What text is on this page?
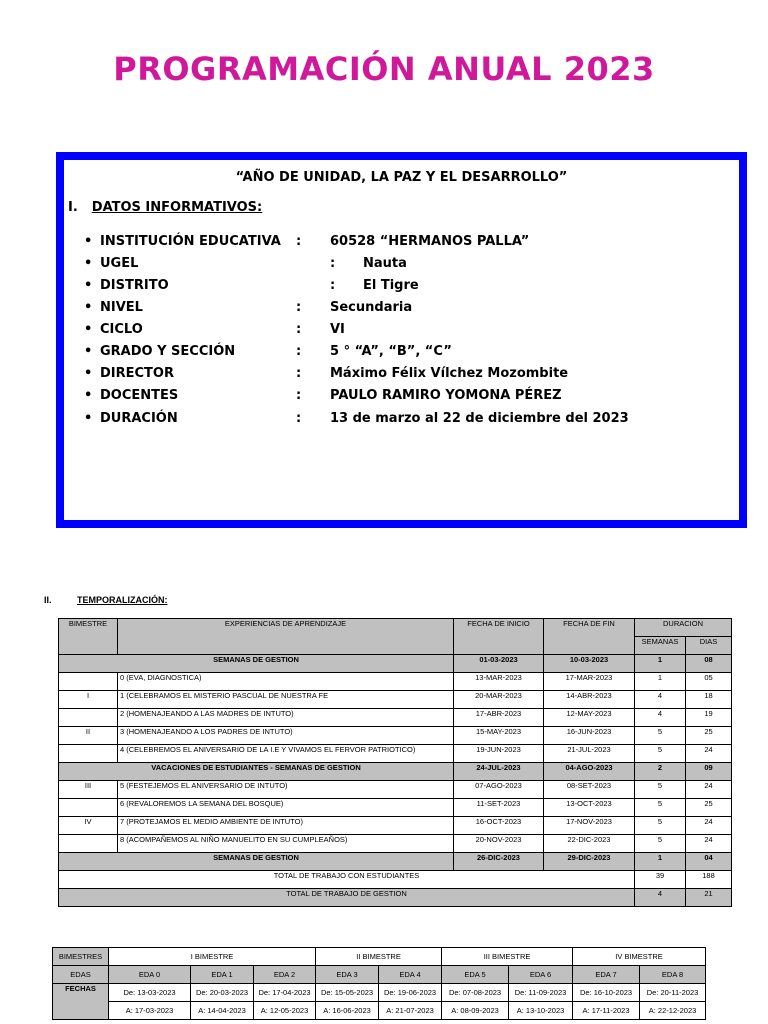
PROGRAMACIÓN ANUAL 2023
“AÑO DE UNIDAD, LA PAZ Y EL DESARROLLO”
I. DATOS INFORMATIVOS:
• INSTITUCIÓN EDUCATIVA : 60528 “HERMANOS PALLA”
• UGEL	: Nauta
• DISTRITO	: El Tigre
• NIVEL	: Secundaria
• CICLO	: VI
• GRADO Y SECCIÓN	: 5 ° “A”, “B”, “C”
• DIRECTOR	: Máximo Félix Vílchez Mozombite
• DOCENTES	: PAULO RAMIRO YOMONA PÉREZ
• DURACIÓN	: 13 de marzo al 22 de diciembre del 2023
II.	TEMPORALIZACIÓN:
BIMESTRE	EXPERIENCIAS DE APRENDIZAJE	FECHA DE INICIO	FECHA DE FIN	DURACION	
				SEMANAS	DIAS
SEMANAS DE GESTION		01-03-2023	10-03-2023	1	08
	0 (EVA, DIAGNOSTICA)	13-MAR-2023	17-MAR-2023	1	05
I	1 (CELEBRAMOS EL MISTERIO PASCUAL DE NUESTRA FE	20-MAR-2023	14-ABR-2023	4	18
	2 (HOMENAJEANDO A LAS MADRES DE INTUTO)	17-ABR-2023	12-MAY-2023	4	19
II	3 (HOMENAJEANDO A LOS PADRES DE INTUTO)	15-MAY-2023	16-JUN-2023	5	25
	4 (CELEBREMOS EL ANIVERSARIO DE LA I.E Y VIVAMOS EL FERVOR PATRIOTICO)	19-JUN-2023	21-JUL-2023	5	24
VACACIONES DE ESTUDIANTES - SEMANAS DE GESTION		24-JUL-2023	04-AGO-2023	2	09
III	5 (FESTEJEMOS EL ANIVERSARIO DE INTUTO)	07-AGO-2023	08-SET-2023	5	24
	6 (REVALOREMOS LA SEMANA DEL BOSQUE)	11-SET-2023	13-OCT-2023	5	25
IV	7 (PROTEJAMOS EL MEDIO AMBIENTE DE INTUTO)	16-OCT-2023	17-NOV-2023	5	24
	8 (ACOMPAÑEMOS AL NIÑO MANUELITO EN SU CUMPLEAÑOS)	20-NOV-2023	22-DIC-2023	5	24
SEMANAS DE GESTION		26-DIC-2023	29-DIC-2023	1	04
TOTAL DE TRABAJO CON ESTUDIANTES				39	188
TOTAL DE TRABAJO DE GESTION				4	21
BIMESTRES	I BIMESTRE			II BIMESTRE		III BIMESTRE		IV BIMESTRE	
EDAS	EDA 0	EDA 1	EDA 2	EDA 3	EDA 4	EDA 5	EDA 6	EDA 7	EDA 8
FECHAS	De: 13-03-2023	De: 20-03-2023	De: 17-04-2023	De: 15-05-2023	De: 19-06-2023	De: 07-08-2023	De: 11-09-2023	De: 16-10-2023	De: 20-11-2023
	A: 17-03-2023	A: 14-04-2023	A: 12-05-2023	A: 16-06-2023	A: 21-07-2023	A: 08-09-2023	A: 13-10-2023	A: 17-11-2023	A: 22-12-2023
